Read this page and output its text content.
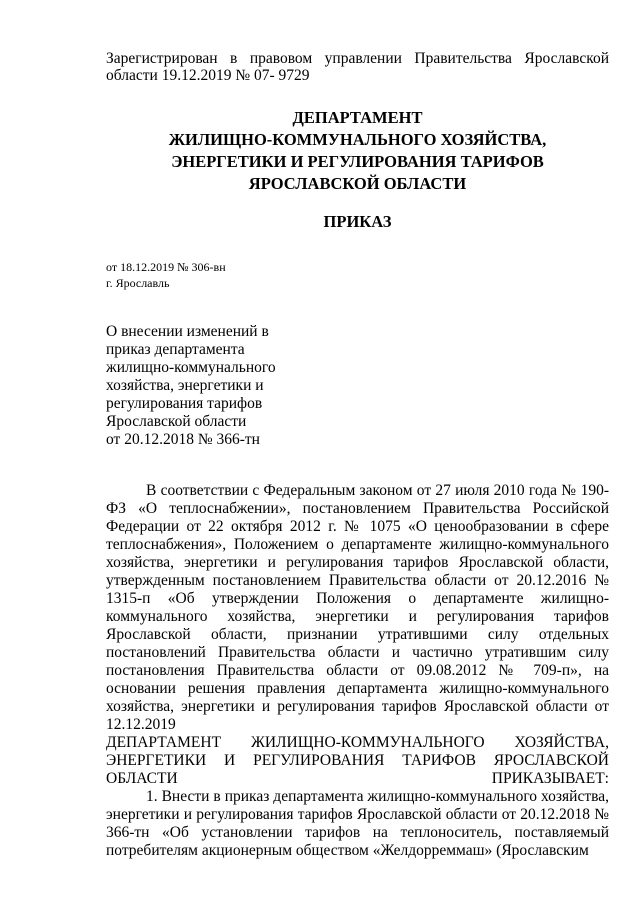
Зарегистрирован в правовом управлении Правительства Ярославской области 19.12.2019 № 07- 9729
ДЕПАРТАМЕНТ
ЖИЛИЩНО-КОММУНАЛЬНОГО ХОЗЯЙСТВА,
ЭНЕРГЕТИКИ И РЕГУЛИРОВАНИЯ ТАРИФОВ
ЯРОСЛАВСКОЙ ОБЛАСТИ
ПРИКАЗ
от 18.12.2019 № 306-вн
г. Ярославль
О внесении изменений в
приказ департамента
жилищно-коммунального
хозяйства, энергетики и
регулирования тарифов
Ярославской области
от 20.12.2018 № 366-тн

В соответствии с Федеральным законом от 27 июля 2010 года № 190-ФЗ «О теплоснабжении», постановлением Правительства Российской Федерации от 22 октября 2012 г. № 1075 «О ценообразовании в сфере теплоснабжения», Положением о департаменте жилищно-коммунального хозяйства, энергетики и регулирования тарифов Ярославской области, утвержденным постановлением Правительства области от 20.12.2016 № 1315-п «Об утверждении Положения о департаменте жилищно-коммунального хозяйства, энергетики и регулирования тарифов Ярославской области, признании утратившими силу отдельных постановлений Правительства области и частично утратившим силу постановления Правительства области от 09.08.2012 № 709-п», на основании решения правления департамента жилищно-коммунального хозяйства, энергетики и регулирования тарифов Ярославской области от 12.12.2019

ДЕПАРТАМЕНТ ЖИЛИЩНО-КОММУНАЛЬНОГО ХОЗЯЙСТВА, ЭНЕРГЕТИКИ И РЕГУЛИРОВАНИЯ ТАРИФОВ ЯРОСЛАВСКОЙ ОБЛАСТИ ПРИКАЗЫВАЕТ:

1. Внести в приказ департамента жилищно-коммунального хозяйства, энергетики и регулирования тарифов Ярославской области от 20.12.2018 № 366-тн «Об установлении тарифов на теплоноситель, поставляемый потребителям акционерным обществом «Желдорреммаш» (Ярославским
